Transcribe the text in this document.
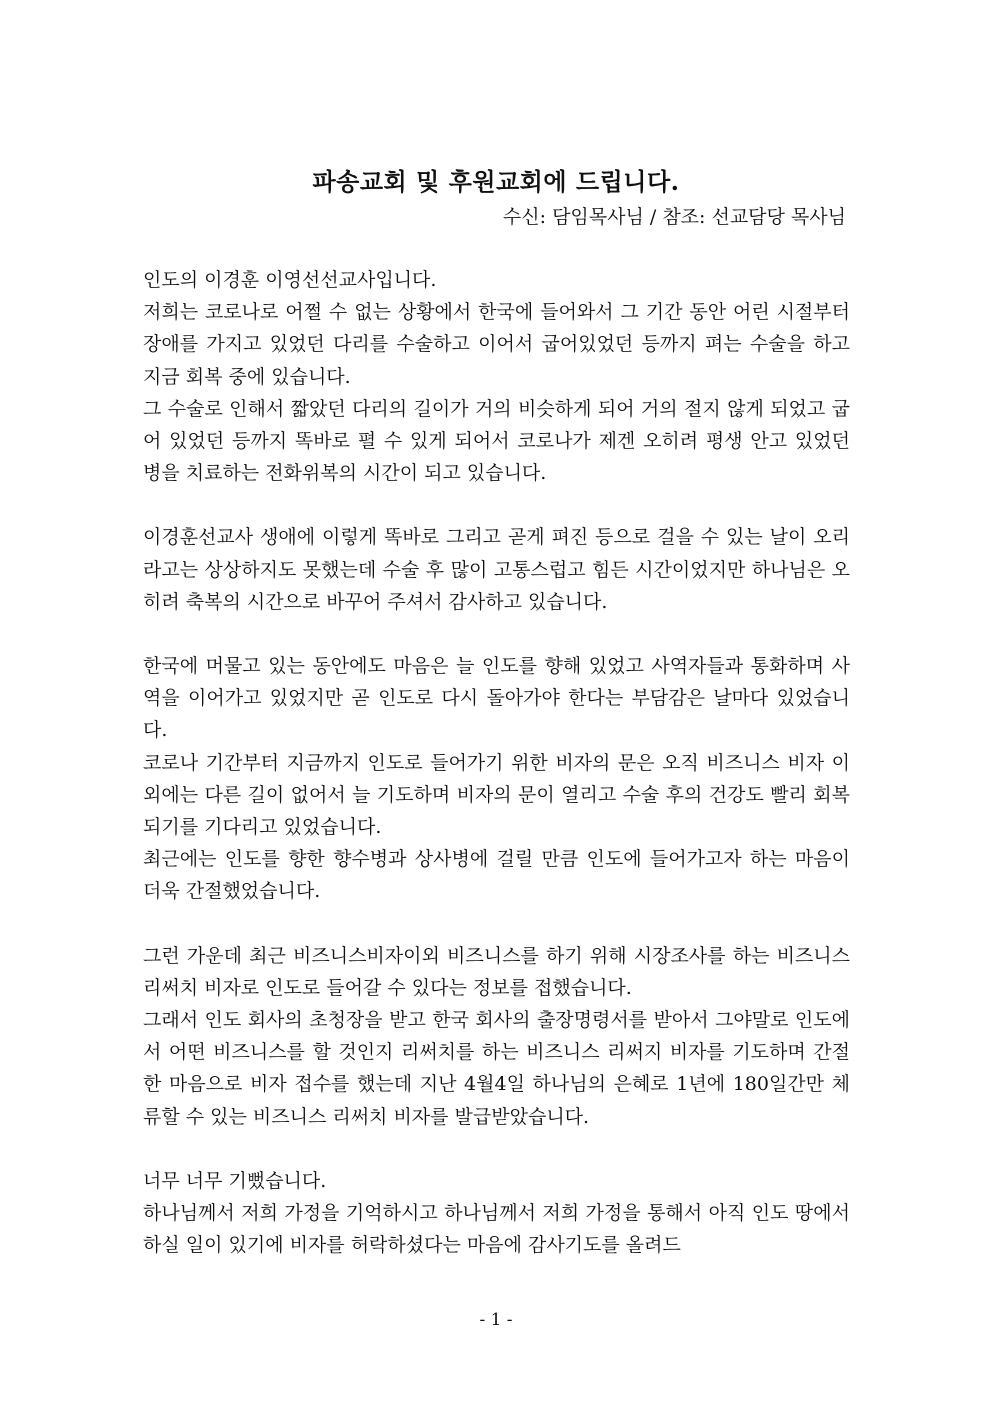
파송교회 및 후원교회에 드립니다.
수신: 담임목사님 / 참조: 선교담당 목사님

인도의 이경훈 이영선선교사입니다.

저희는 코로나로 어쩔 수 없는 상황에서 한국에 들어와서 그 기간 동안 어린 시절부터 장애를 가지고 있었던 다리를 수술하고 이어서 굽어있었던 등까지 펴는 수술을 하고 지금 회복 중에 있습니다.

그 수술로 인해서 짧았던 다리의 길이가 거의 비슷하게 되어 거의 절지 않게 되었고 굽어 있었던 등까지 똑바로 펼 수 있게 되어서 코로나가 제겐 오히려 평생 안고 있었던 병을 치료하는 전화위복의 시간이 되고 있습니다.

이경훈선교사 생애에 이렇게 똑바로 그리고 곧게 펴진 등으로 걸을 수 있는 날이 오리라고는 상상하지도 못했는데 수술 후 많이 고통스럽고 힘든 시간이었지만 하나님은 오히려 축복의 시간으로 바꾸어 주셔서 감사하고 있습니다.

한국에 머물고 있는 동안에도 마음은 늘 인도를 향해 있었고 사역자들과 통화하며 사역을 이어가고 있었지만 곧 인도로 다시 돌아가야 한다는 부담감은 날마다 있었습니다.

코로나 기간부터 지금까지 인도로 들어가기 위한 비자의 문은 오직 비즈니스 비자 이외에는 다른 길이 없어서 늘 기도하며 비자의 문이 열리고 수술 후의 건강도 빨리 회복되기를 기다리고 있었습니다.

최근에는 인도를 향한 향수병과 상사병에 걸릴 만큼 인도에 들어가고자 하는 마음이 더욱 간절했었습니다.

그런 가운데 최근 비즈니스비자이외 비즈니스를 하기 위해 시장조사를 하는 비즈니스 리써치 비자로 인도로 들어갈 수 있다는 정보를 접했습니다.

그래서 인도 회사의 초청장을 받고 한국 회사의 출장명령서를 받아서 그야말로 인도에서 어떤 비즈니스를 할 것인지 리써치를 하는 비즈니스 리써지 비자를 기도하며 간절한 마음으로 비자 접수를 했는데 지난 4월4일 하나님의 은혜로 1년에 180일간만 체류할 수 있는 비즈니스 리써치 비자를 발급받았습니다.

너무 너무 기뻤습니다.

하나님께서 저희 가정을 기억하시고 하나님께서 저희 가정을 통해서 아직 인도 땅에서 하실 일이 있기에 비자를 허락하셨다는 마음에 감사기도를 올려드

- 1 -
